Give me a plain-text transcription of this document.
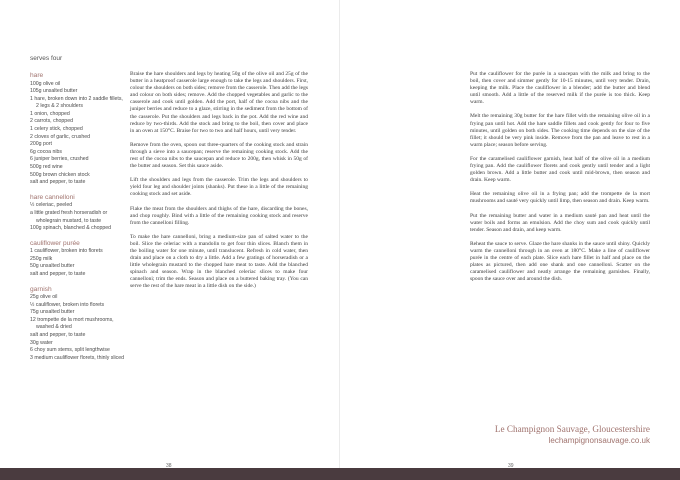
serves four
hare
100g olive oil
105g unsalted butter
1 hare, broken down into 2 saddle fillets, 2 legs & 2 shoulders
1 onion, chopped
2 carrots, chopped
1 celery stick, chopped
2 cloves of garlic, crushed
200g port
6g cocoa nibs
6 juniper berries, crushed
500g red wine
500g brown chicken stock
salt and pepper, to taste
hare cannelloni
½ celeriac, peeled
a little grated fresh horseradish or wholegrain mustard, to taste
100g spinach, blanched & chopped
cauliflower purée
1 cauliflower, broken into florets
250g milk
50g unsalted butter
salt and pepper, to taste
garnish
25g olive oil
½ cauliflower, broken into florets
75g unsalted butter
12 trompette de la mort mushrooms, washed & dried
salt and pepper, to taste
30g water
6 choy sum stems, split lengthwise
3 medium cauliflower florets, thinly sliced

Braise the hare shoulders and legs by heating 50g of the olive oil and 25g of the butter in a heatproof casserole large enough to take the legs and shoulders. First, colour the shoulders on both sides; remove from the casserole. Then add the legs and colour on both sides; remove. Add the chopped vegetables and garlic to the casserole and cook until golden. Add the port, half of the cocoa nibs and the juniper berries and reduce to a glaze, stirring in the sediment from the bottom of the casserole. Put the shoulders and legs back in the pot. Add the red wine and reduce by two-thirds. Add the stock and bring to the boil, then cover and place in an oven at 150°C. Braise for two to two and half hours, until very tender.

Remove from the oven, spoon out three-quarters of the cooking stock and strain through a sieve into a saucepan; reserve the remaining cooking stock. Add the rest of the cocoa nibs to the saucepan and reduce to 200g, then whisk in 50g of the butter and season. Set this sauce aside.

Lift the shoulders and legs from the casserole. Trim the legs and shoulders to yield four leg and shoulder joints (shanks). Put these in a little of the remaining cooking stock and set aside.

Flake the meat from the shoulders and thighs of the hare, discarding the bones, and chop roughly. Bind with a little of the remaining cooking stock and reserve from the cannelloni filling.

To make the hare cannelloni, bring a medium-size pan of salted water to the boil. Slice the celeriac with a mandolin to get four thin slices. Blanch them in the boiling water for one minute, until translucent. Refresh in cold water, then drain and place on a cloth to dry a little. Add a few gratings of horseradish or a little wholegrain mustard to the chopped hare meat to taste. Add the blanched spinach and season. Wrap in the blanched celeriac slices to make four cannelloni; trim the ends. Season and place on a buttered baking tray. (You can serve the rest of the hare meat in a little dish on the side.)

38

Put the cauliflower for the purée in a saucepan with the milk and bring to the boil, then cover and simmer gently for 10-15 minutes, until very tender. Drain, keeping the milk. Place the cauliflower in a blender; add the butter and blend until smooth. Add a little of the reserved milk if the purée is too thick. Keep warm.

Melt the remaining 30g butter for the hare fillet with the remaining olive oil in a frying pan until hot. Add the hare saddle fillets and cook gently for four to five minutes, until golden on both sides. The cooking time depends on the size of the fillet; it should be very pink inside. Remove from the pan and leave to rest in a warm place; season before serving.

For the caramelised cauliflower garnish, heat half of the olive oil in a medium frying pan. Add the cauliflower florets and cook gently until tender and a light golden brown. Add a little butter and cook until mid-brown, then season and drain. Keep warm.

Heat the remaining olive oil in a frying pan; add the trompette de la mort mushrooms and sauté very quickly until limp, then season and drain. Keep warm.

Put the remaining butter and water in a medium sauté pan and heat until the water boils and forms an emulsion. Add the choy sum and cook quickly until tender. Season and drain, and keep warm.

Reheat the sauce to serve. Glaze the hare shanks in the sauce until shiny. Quickly warm the cannelloni through in an oven at 180°C. Make a line of cauliflower purée in the centre of each plate. Slice each hare fillet in half and place on the plates as pictured, then add one shank and one cannelloni. Scatter on the caramelised cauliflower and neatly arrange the remaining garnishes. Finally, spoon the sauce over and around the dish.

39
Le Champignon Sauvage, Gloucestershire
lechampignonsauvage.co.uk
